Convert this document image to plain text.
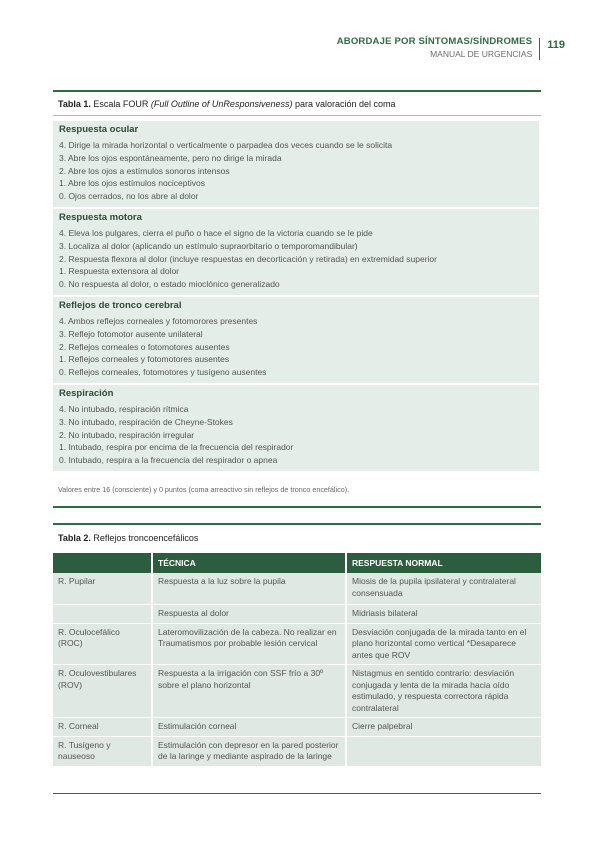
ABORDAJE POR SÍNTOMAS/SÍNDROMES
MANUAL DE URGENCIAS
119
Tabla 1. Escala FOUR (Full Outline of UnResponsiveness) para valoración del coma
Respuesta ocular
4. Dirige la mirada horizontal o verticalmente o parpadea dos veces cuando se le solicita
3. Abre los ojos espontáneamente, pero no dirige la mirada
2. Abre los ojos a estímulos sonoros intensos
1. Abre los ojos estímulos nociceptivos
0. Ojos cerrados, no los abre al dolor
Respuesta motora
4. Eleva los pulgares, cierra el puño o hace el signo de la victoria cuando se le pide
3. Localiza al dolor (aplicando un estímulo supraorbitario o temporomandibular)
2. Respuesta flexora al dolor (incluye respuestas en decorticación y retirada) en extremidad superior
1. Respuesta extensora al dolor
0. No respuesta al dolor, o estado mioclónico generalizado
Reflejos de tronco cerebral
4. Ambos reflejos corneales y fotomorores presentes
3. Reflejo fotomotor ausente unilateral
2. Reflejos corneales o fotomotores ausentes
1. Reflejos corneales y fotomotores ausentes
0. Reflejos corneales, fotomotores y tusígeno ausentes
Respiración
4. No intubado, respiración rítmica
3. No intubado, respiración de Cheyne-Stokes
2. No intubado, respiración irregular
1. Intubado, respira por encima de la frecuencia del respirador
0. Intubado, respira a la frecuencia del respirador o apnea
Valores entre 16 (consciente) y 0 puntos (coma arreactivo sin reflejos de tronco encefálico).
Tabla 2. Reflejos troncoencefálicos
	TÉCNICA	RESPUESTA NORMAL
R. Pupilar	Respuesta a la luz sobre la pupila	Miosis de la pupila ipsilateral y contralateral consensuada
	Respuesta al dolor	Midriasis bilateral
R. Oculocefálico (ROC)	Lateromovilización de la cabeza. No realizar en Traumatismos por probable lesión cervical	Desviación conjugada de la mirada tanto en el plano horizontal como vertical *Desaparece antes que ROV
R. Oculovestibulares (ROV)	Respuesta a la irrigación con SSF frío a 30º sobre el plano horizontal	Nistagmus en sentido contrario: desviación conjugada y lenta de la mirada hacia oído estimulado, y respuesta correctora rápida contralateral
R. Corneal	Estimulación corneal	Cierre palpebral
R. Tusígeno y nauseoso	Estimulación con depresor en la pared posterior de la laringe y mediante aspirado de la laringe	
